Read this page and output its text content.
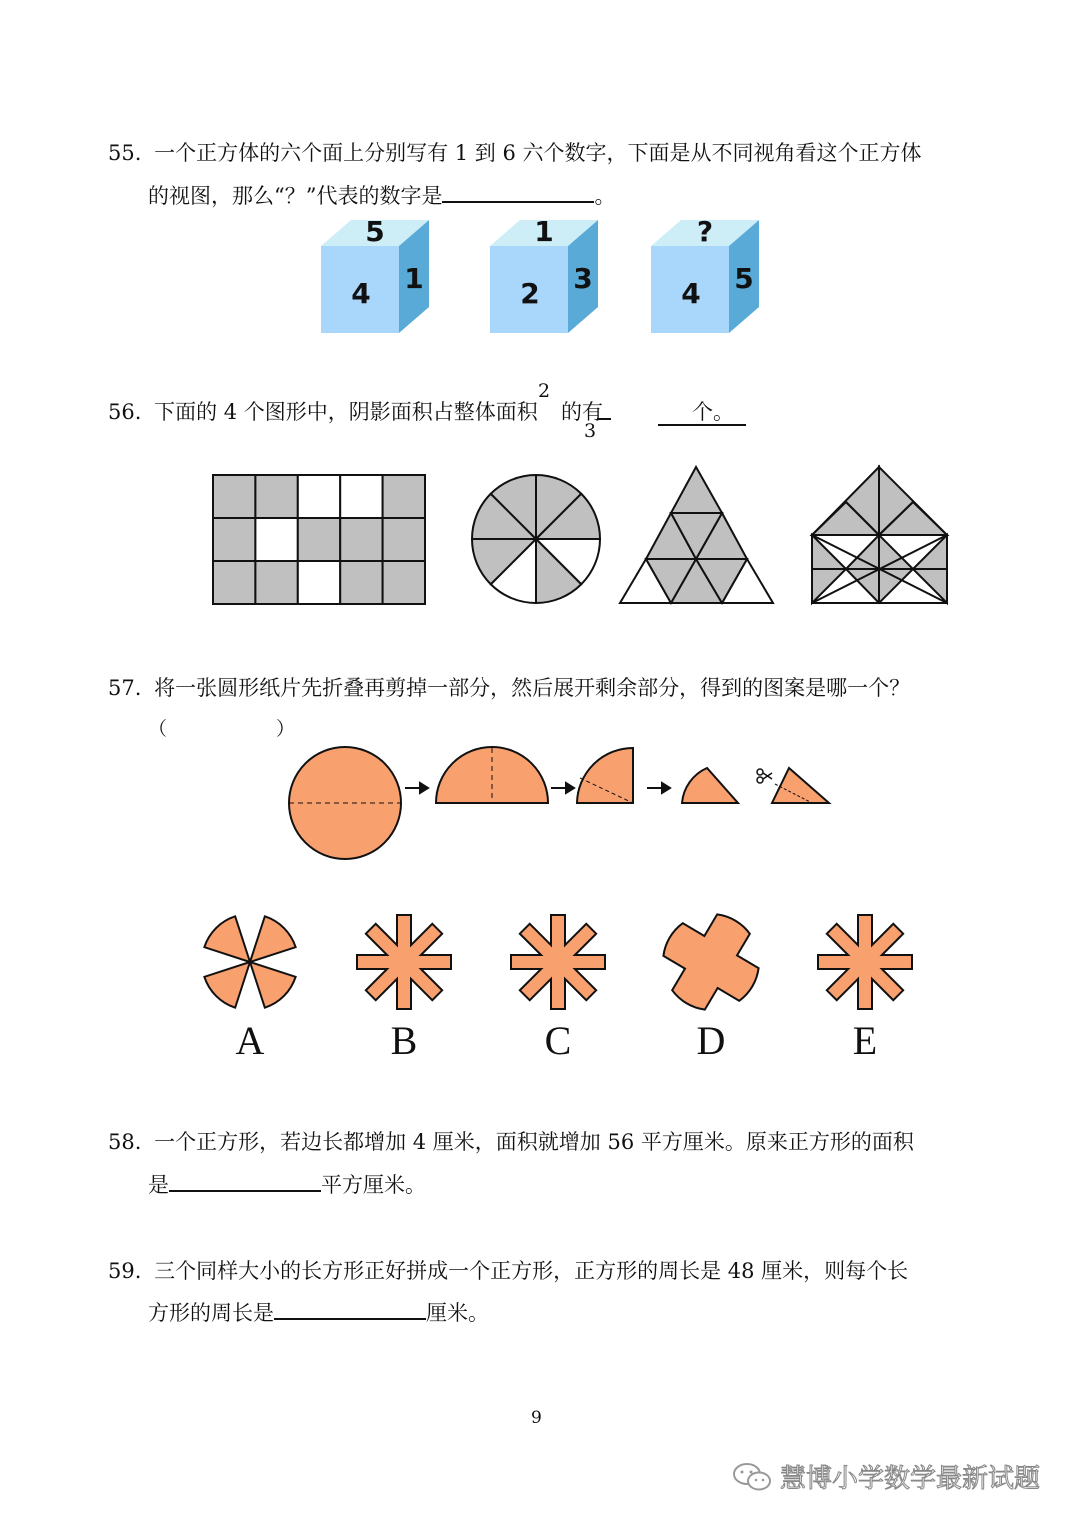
55. 一个正方体的六个面上分别写有 1 到 6 六个数字，下面是从不同视角看这个正方体
的视图，那么“？”代表的数字是	。
5
4 1
1
2 3
?
4 5
56. 下面的 4 个图形中，阴影面积占整体面积
2
3
的有	个。
57. 将一张圆形纸片先折叠再剪掉一部分，然后展开剩余部分，得到的图案是哪一个？
（	）
A	B	C	D	E
58. 一个正方形，若边长都增加 4 厘米，面积就增加 56 平方厘米。原来正方形的面积
是	平方厘米。
59. 三个同样大小的长方形正好拼成一个正方形，正方形的周长是 48 厘米，则每个长
方形的周长是	厘米。
9
慧博小学数学最新试题
